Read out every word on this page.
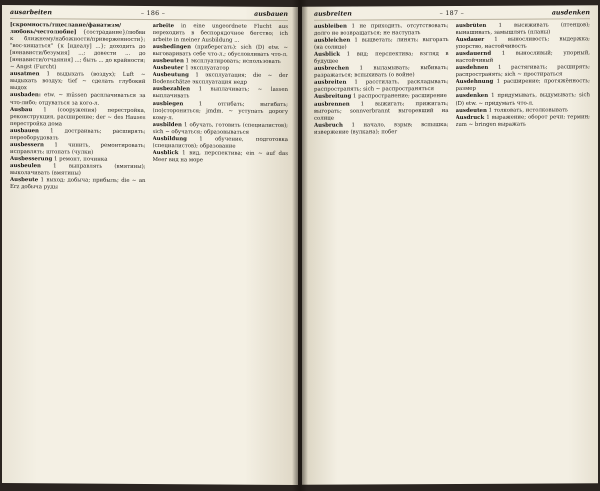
ausarbeiten	– 186 –	ausbauen

[скромность/тщеславие/фанатизм/любовь/честолюбие] {сострадание}/любви к ближнему/набожности/приверженности}; "вос-хищаться" {к [идеалу] ...}; доходить до [ненависти/безумия] ...; довести ... до [ненависти/отчаяния] ...; быть ... до крайности; ~ Angst (Furcht)

ausatmen 1 выдыхать (воздух); Luft ~ выдыхать воздух; tief ~ сделать глубокий выдох

ausbaden: etw. ~ müssen расплачиваться за что-либо; отдуваться за кого-л.

Ausbau 1 (сооружения) перестройка, реконструкция, расширение; der ~ des Hauses перестройка дома

ausbauen 1 достраивать; расширять; переоборудовать

ausbessern 1 чинить, ремонтировать; исправлять; штопать (чулки)

Ausbesserung 1 ремонт, починка

ausbeulen 1 выправлять (вмятины); выколачивать (вмятины)

Ausbeute 1 выход; добыча; прибыль; die ~ an Erz добыча руды

arbeite in eine ungeordnete Flucht aus переходить в беспорядочное бегство; ich arbeite in meiner Ausbildung ...

ausbedingen (приберегать): sich (D) etw. ~ выговаривать себе что-л.; обусловливать что-л.

ausbeuten 1 эксплуатировать; использовать

Ausbeuter 1 эксплуататор

Ausbeutung 1 эксплуатация; die ~ der Bodenschätze эксплуатация недр

ausbezahlen 1 выплачивать; ~ lassen выплачивать

ausbiegen 1 отгибать; выгибать; (по)сторониться; jmdm. ~ уступать дорогу кому-л.

ausbilden 1 обучать, готовить (специалистов); sich ~ обучаться; образовываться

Ausbildung 1 обучение, подготовка (специалистов); образование

Ausblick 1 вид, перспектива; ein ~ auf das Meer вид на море

ausbreiten	– 187 –	ausdenken

ausbleiben 1 не приходить, отсутствовать; долго не возвращаться; не наступать

ausbleichen 1 выцветать; линять; выгорать (на солнце)

Ausblick 1 вид; перспектива; взгляд в будущее

ausbrechen 1 выламывать; выбивать; разражаться; вспыхивать (о войне)

ausbreiten 1 расстилать, раскладывать; распространять; sich ~ распространяться

Ausbreitung 1 распространение; расширение

ausbrennen 1 выжигать; прижигать; выгорать; sonnverbrannt выгоревший на солнце

Ausbruch 1 начало, взрыв; вспышка; извержение (вулкана); побег

ausbrüten 1 высиживать (птенцов); вынашивать, замышлять (планы)

Ausdauer 1 выносливость; выдержка; упорство, настойчивость

ausdauernd 1 выносливый; упорный, настойчивый

ausdehnen 1 растягивать; расширять; распространять; sich ~ простираться

Ausdehnung 1 расширение; протяжённость; размер

ausdenken 1 придумывать, выдумывать; sich (D) etw. ~ придумать что-л.

ausdeuten 1 толковать, истолковывать

Ausdruck 1 выражение; оборот речи; термин; zum ~ bringen выражать
